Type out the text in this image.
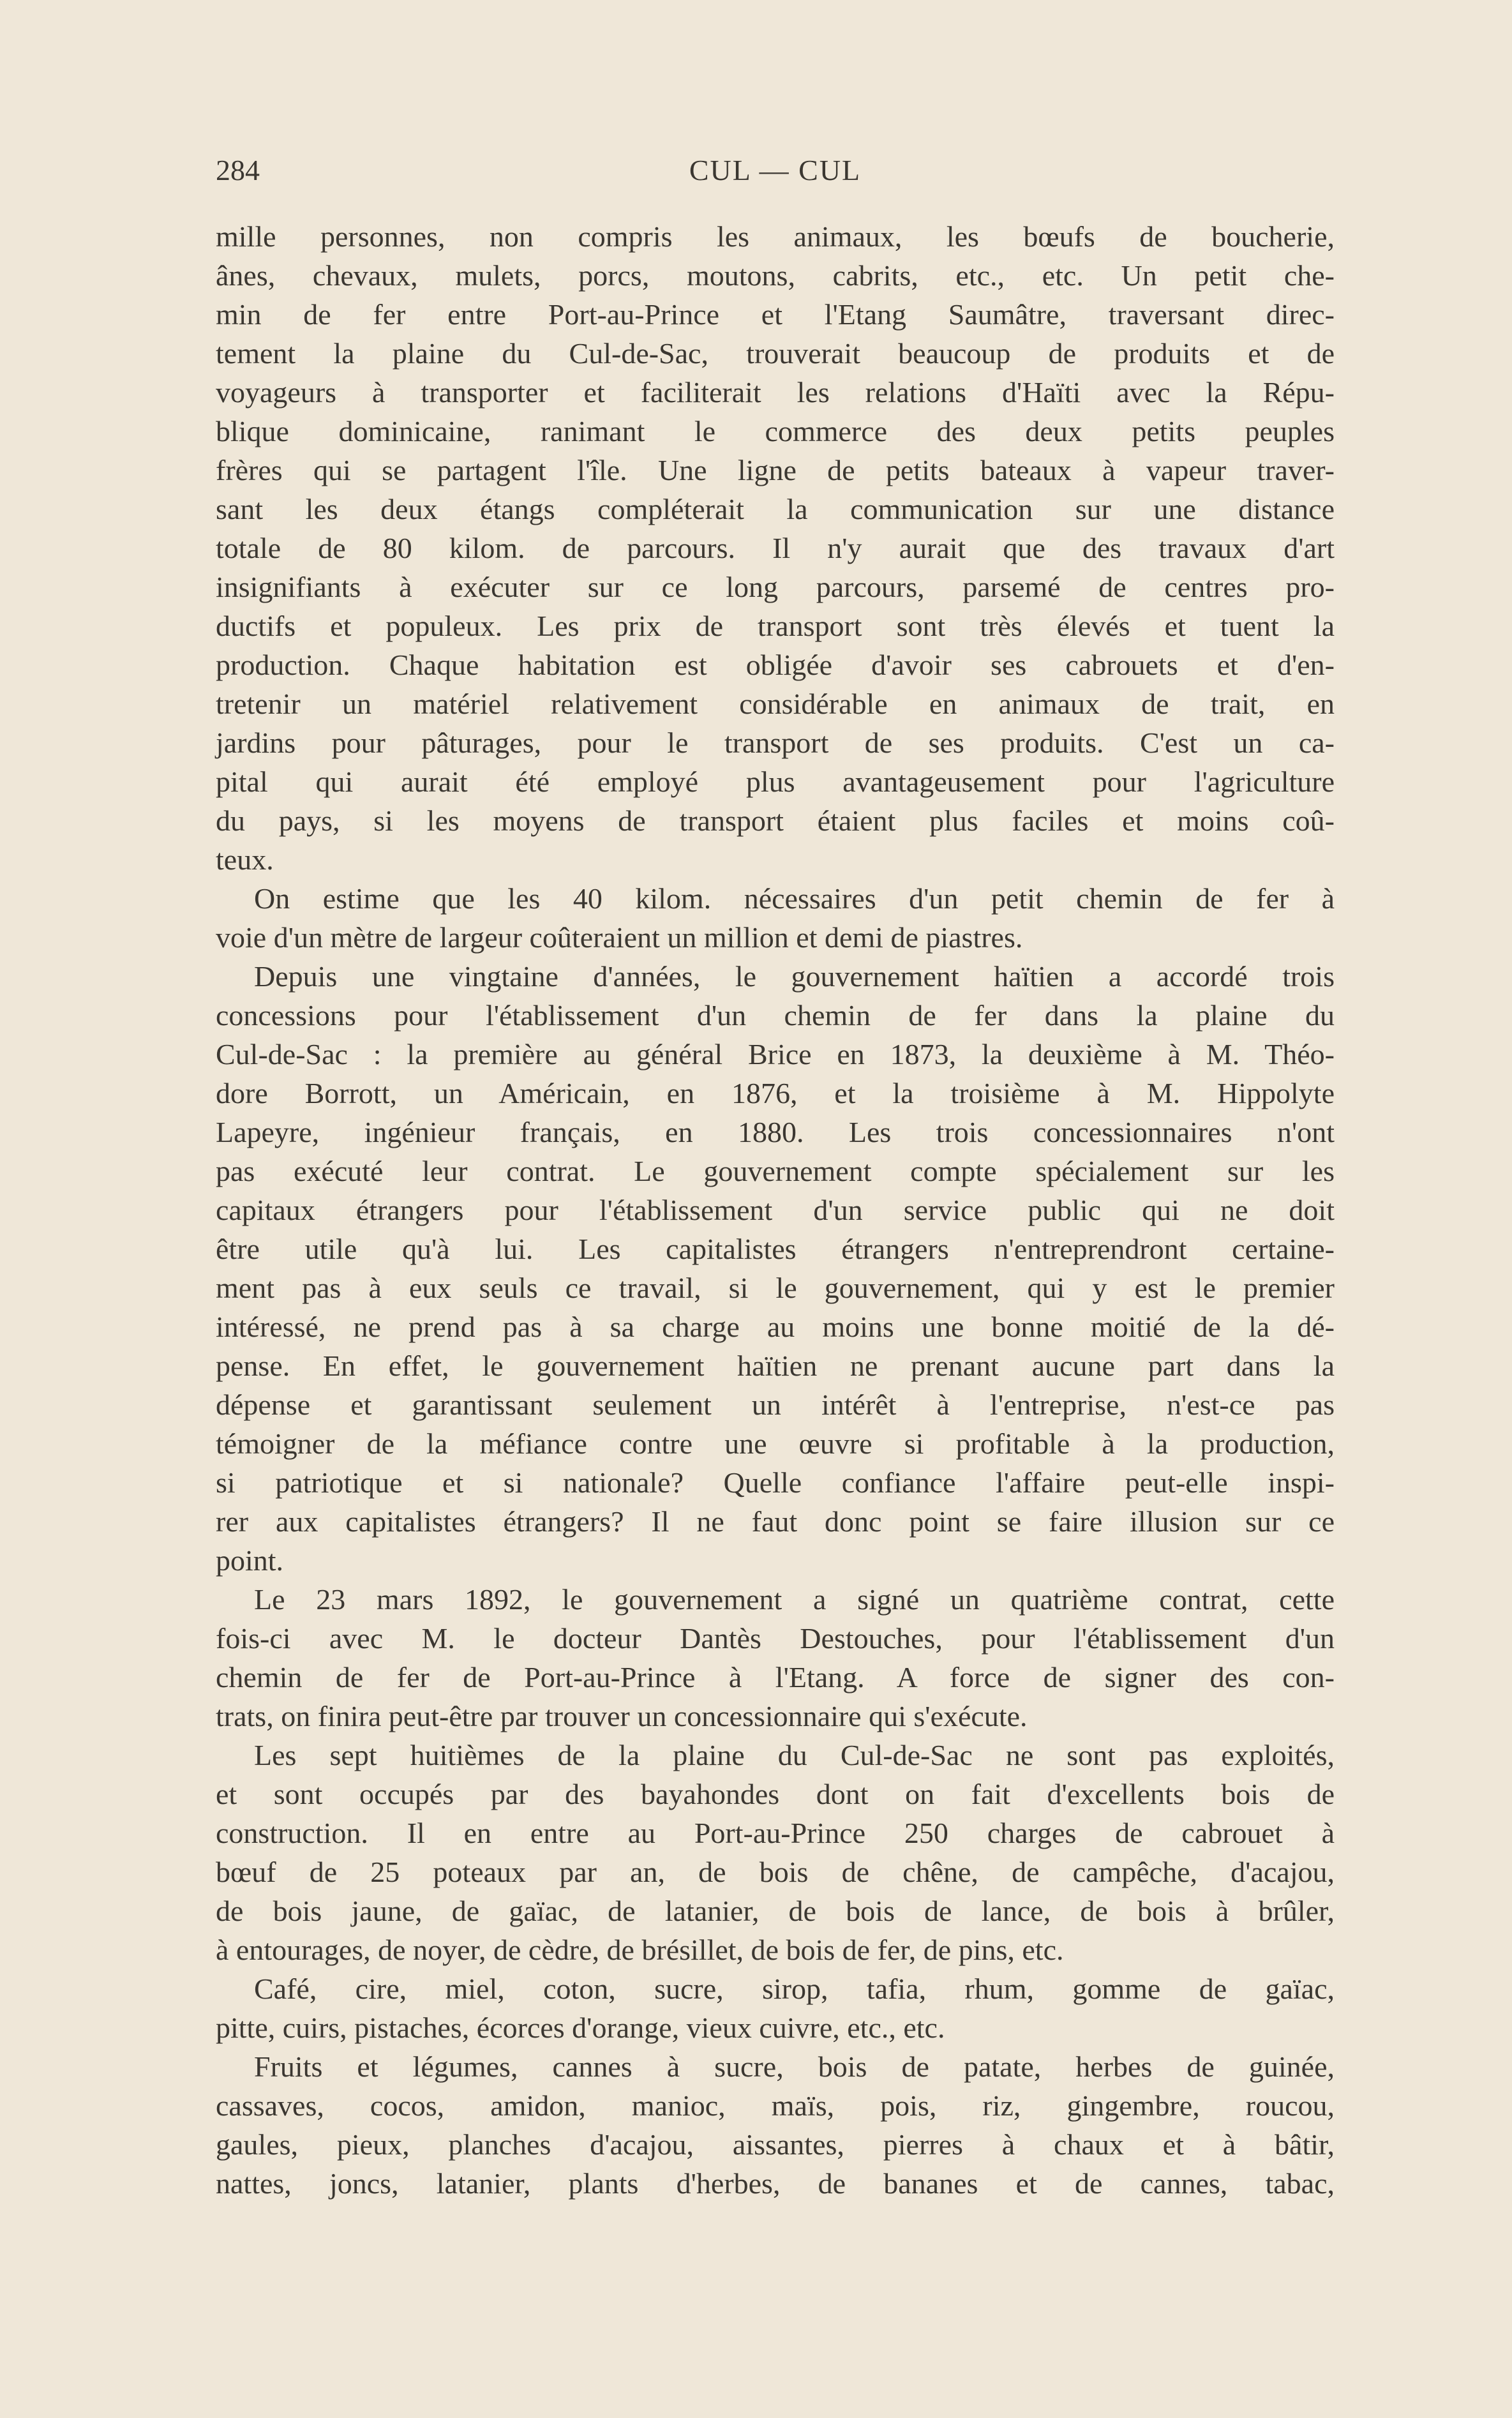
284	CUL — CUL
mille personnes, non compris les animaux, les bœufs de boucherie,
ânes, chevaux, mulets, porcs, moutons, cabrits, etc., etc. Un petit che-
min de fer entre Port-au-Prince et l'Etang Saumâtre, traversant direc-
tement la plaine du Cul-de-Sac, trouverait beaucoup de produits et de
voyageurs à transporter et faciliterait les relations d'Haïti avec la Répu-
blique dominicaine, ranimant le commerce des deux petits peuples
frères qui se partagent l'île. Une ligne de petits bateaux à vapeur traver-
sant les deux étangs compléterait la communication sur une distance
totale de 80 kilom. de parcours. Il n'y aurait que des travaux d'art
insignifiants à exécuter sur ce long parcours, parsemé de centres pro-
ductifs et populeux. Les prix de transport sont très élevés et tuent la
production. Chaque habitation est obligée d'avoir ses cabrouets et d'en-
tretenir un matériel relativement considérable en animaux de trait, en
jardins pour pâturages, pour le transport de ses produits. C'est un ca-
pital qui aurait été employé plus avantageusement pour l'agriculture
du pays, si les moyens de transport étaient plus faciles et moins coû-
teux.
On estime que les 40 kilom. nécessaires d'un petit chemin de fer à
voie d'un mètre de largeur coûteraient un million et demi de piastres.
Depuis une vingtaine d'années, le gouvernement haïtien a accordé trois
concessions pour l'établissement d'un chemin de fer dans la plaine du
Cul-de-Sac : la première au général Brice en 1873, la deuxième à M. Théo-
dore Borrott, un Américain, en 1876, et la troisième à M. Hippolyte
Lapeyre, ingénieur français, en 1880. Les trois concessionnaires n'ont
pas exécuté leur contrat. Le gouvernement compte spécialement sur les
capitaux étrangers pour l'établissement d'un service public qui ne doit
être utile qu'à lui. Les capitalistes étrangers n'entreprendront certaine-
ment pas à eux seuls ce travail, si le gouvernement, qui y est le premier
intéressé, ne prend pas à sa charge au moins une bonne moitié de la dé-
pense. En effet, le gouvernement haïtien ne prenant aucune part dans la
dépense et garantissant seulement un intérêt à l'entreprise, n'est-ce pas
témoigner de la méfiance contre une œuvre si profitable à la production,
si patriotique et si nationale? Quelle confiance l'affaire peut-elle inspi-
rer aux capitalistes étrangers? Il ne faut donc point se faire illusion sur ce
point.
Le 23 mars 1892, le gouvernement a signé un quatrième contrat, cette
fois-ci avec M. le docteur Dantès Destouches, pour l'établissement d'un
chemin de fer de Port-au-Prince à l'Etang. A force de signer des con-
trats, on finira peut-être par trouver un concessionnaire qui s'exécute.
Les sept huitièmes de la plaine du Cul-de-Sac ne sont pas exploités,
et sont occupés par des bayahondes dont on fait d'excellents bois de
construction. Il en entre au Port-au-Prince 250 charges de cabrouet à
bœuf de 25 poteaux par an, de bois de chêne, de campêche, d'acajou,
de bois jaune, de gaïac, de latanier, de bois de lance, de bois à brûler,
à entourages, de noyer, de cèdre, de brésillet, de bois de fer, de pins, etc.
Café, cire, miel, coton, sucre, sirop, tafia, rhum, gomme de gaïac,
pitte, cuirs, pistaches, écorces d'orange, vieux cuivre, etc., etc.
Fruits et légumes, cannes à sucre, bois de patate, herbes de guinée,
cassaves, cocos, amidon, manioc, maïs, pois, riz, gingembre, roucou,
gaules, pieux, planches d'acajou, aissantes, pierres à chaux et à bâtir,
nattes, joncs, latanier, plants d'herbes, de bananes et de cannes, tabac,
